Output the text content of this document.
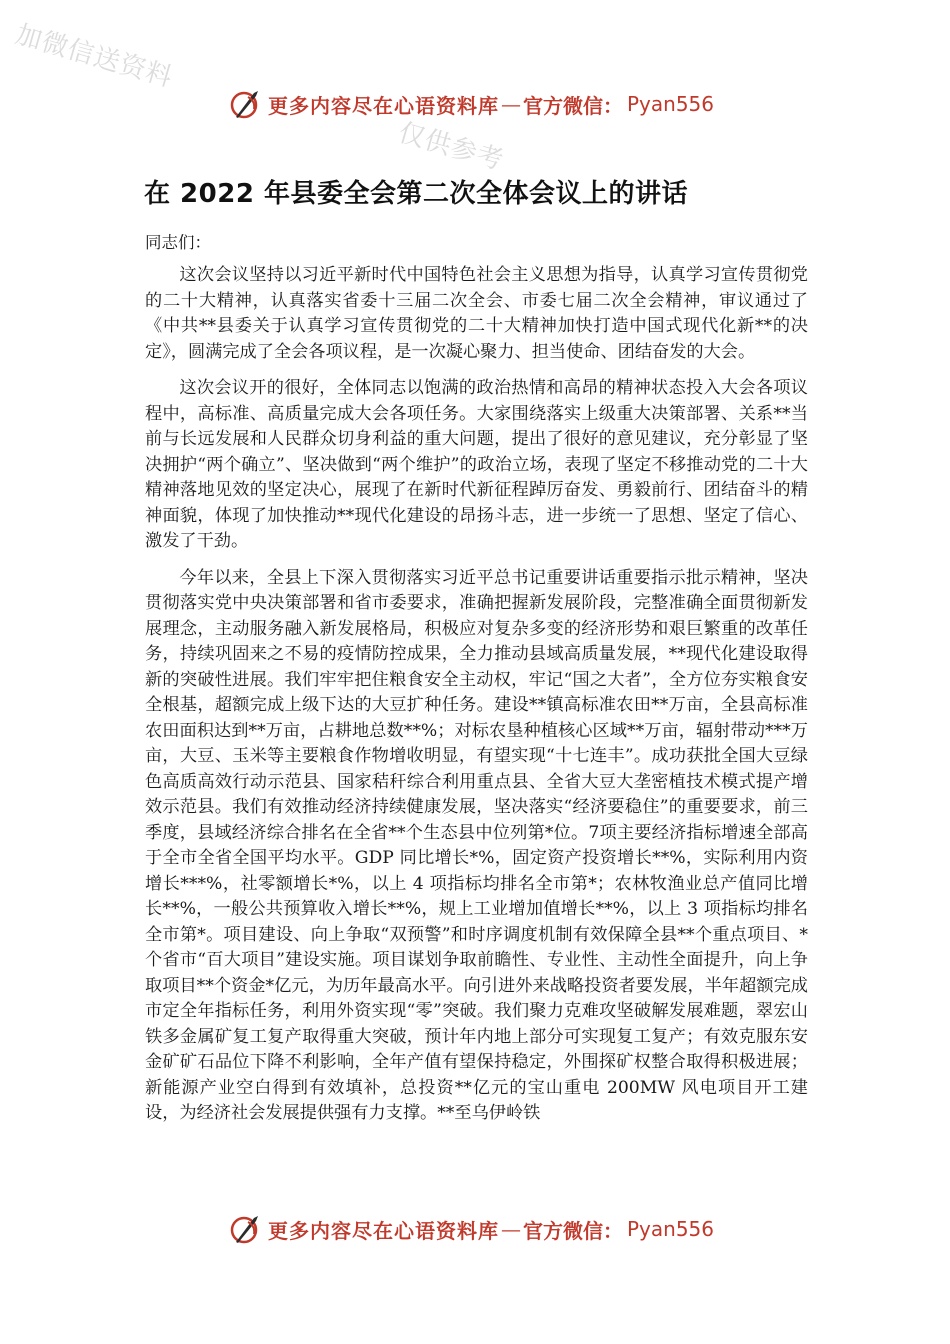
加微信送资料
仅供参考
更多内容尽在心语资料库 — 官方微信： Pyan556
在 2022 年县委全会第二次全体会议上的讲话
同志们：

这次会议坚持以习近平新时代中国特色社会主义思想为指导，认真学习宣传贯彻党的二十大精神，认真落实省委十三届二次全会、市委七届二次全会精神，审议通过了《中共**县委关于认真学习宣传贯彻党的二十大精神加快打造中国式现代化新**的决定》，圆满完成了全会各项议程，是一次凝心聚力、担当使命、团结奋发的大会。

这次会议开的很好，全体同志以饱满的政治热情和高昂的精神状态投入大会各项议程中，高标准、高质量完成大会各项任务。大家围绕落实上级重大决策部署、关系**当前与长远发展和人民群众切身利益的重大问题，提出了很好的意见建议，充分彰显了坚决拥护“两个确立”、坚决做到“两个维护”的政治立场，表现了坚定不移推动党的二十大精神落地见效的坚定决心，展现了在新时代新征程踔厉奋发、勇毅前行、团结奋斗的精神面貌，体现了加快推动**现代化建设的昂扬斗志，进一步统一了思想、坚定了信心、激发了干劲。

今年以来，全县上下深入贯彻落实习近平总书记重要讲话重要指示批示精神，坚决贯彻落实党中央决策部署和省市委要求，准确把握新发展阶段，完整准确全面贯彻新发展理念，主动服务融入新发展格局，积极应对复杂多变的经济形势和艰巨繁重的改革任务，持续巩固来之不易的疫情防控成果，全力推动县域高质量发展，**现代化建设取得新的突破性进展。我们牢牢把住粮食安全主动权，牢记“国之大者”，全方位夯实粮食安全根基，超额完成上级下达的大豆扩种任务。建设**镇高标准农田**万亩，全县高标准农田面积达到**万亩，占耕地总数**%；对标农垦种植核心区域**万亩，辐射带动***万亩，大豆、玉米等主要粮食作物增收明显，有望实现“十七连丰”。成功获批全国大豆绿色高质高效行动示范县、国家秸秆综合利用重点县、全省大豆大垄密植技术模式提产增效示范县。我们有效推动经济持续健康发展，坚决落实“经济要稳住”的重要要求，前三季度，县域经济综合排名在全省**个生态县中位列第*位。7项主要经济指标增速全部高于全市全省全国平均水平。GDP 同比增长*%，固定资产投资增长**%，实际利用内资增长***%，社零额增长*%，以上 4 项指标均排名全市第*；农林牧渔业总产值同比增长**%，一般公共预算收入增长**%，规上工业增加值增长**%，以上 3 项指标均排名全市第*。项目建设、向上争取“双预警”和时序调度机制有效保障全县**个重点项目、*个省市“百大项目”建设实施。项目谋划争取前瞻性、专业性、主动性全面提升，向上争取项目**个资金*亿元，为历年最高水平。向引进外来战略投资者要发展，半年超额完成市定全年指标任务，利用外资实现“零”突破。我们聚力克难攻坚破解发展难题，翠宏山铁多金属矿复工复产取得重大突破，预计年内地上部分可实现复工复产；有效克服东安金矿矿石品位下降不利影响，全年产值有望保持稳定，外围探矿权整合取得积极进展；新能源产业空白得到有效填补，总投资**亿元的宝山重电 200MW 风电项目开工建设，为经济社会发展提供强有力支撑。**至乌伊岭铁

更多内容尽在心语资料库 — 官方微信： Pyan556
